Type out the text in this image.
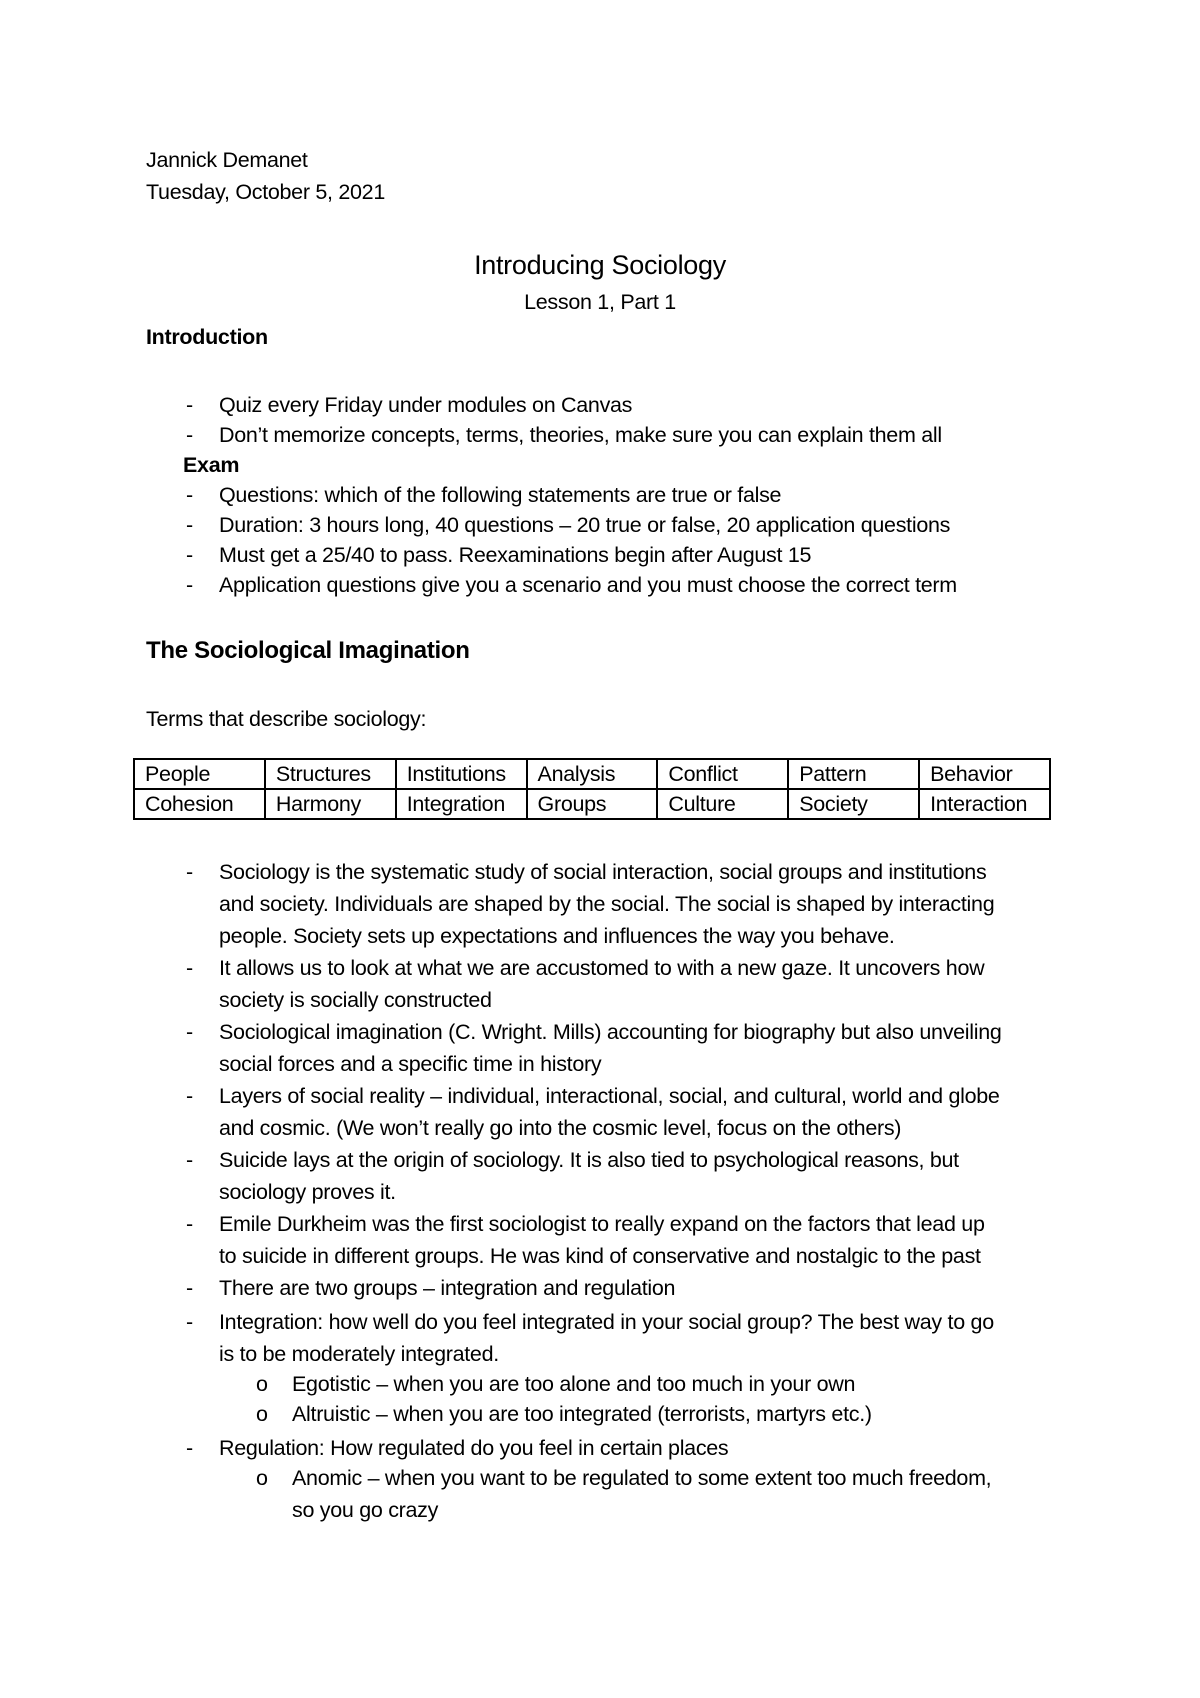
Jannick Demanet
Tuesday, October 5, 2021
Introducing Sociology
Lesson 1, Part 1
Introduction
- Quiz every Friday under modules on Canvas
- Don’t memorize concepts, terms, theories, make sure you can explain them all
Exam
- Questions: which of the following statements are true or false
- Duration: 3 hours long, 40 questions – 20 true or false, 20 application questions
- Must get a 25/40 to pass. Reexaminations begin after August 15
- Application questions give you a scenario and you must choose the correct term
The Sociological Imagination
Terms that describe sociology:
People	Structures	Institutions	Analysis	Conflict	Pattern	Behavior
Cohesion	Harmony	Integration	Groups	Culture	Society	Interaction
- Sociology is the systematic study of social interaction, social groups and institutions
and society. Individuals are shaped by the social. The social is shaped by interacting
people. Society sets up expectations and influences the way you behave.
- It allows us to look at what we are accustomed to with a new gaze. It uncovers how
society is socially constructed
- Sociological imagination (C. Wright. Mills) accounting for biography but also unveiling
social forces and a specific time in history
- Layers of social reality – individual, interactional, social, and cultural, world and globe
and cosmic. (We won’t really go into the cosmic level, focus on the others)
- Suicide lays at the origin of sociology. It is also tied to psychological reasons, but
sociology proves it.
- Emile Durkheim was the first sociologist to really expand on the factors that lead up
to suicide in different groups. He was kind of conservative and nostalgic to the past
- There are two groups – integration and regulation
- Integration: how well do you feel integrated in your social group? The best way to go
is to be moderately integrated.
o Egotistic – when you are too alone and too much in your own
o Altruistic – when you are too integrated (terrorists, martyrs etc.)
- Regulation: How regulated do you feel in certain places
o Anomic – when you want to be regulated to some extent too much freedom,
so you go crazy
